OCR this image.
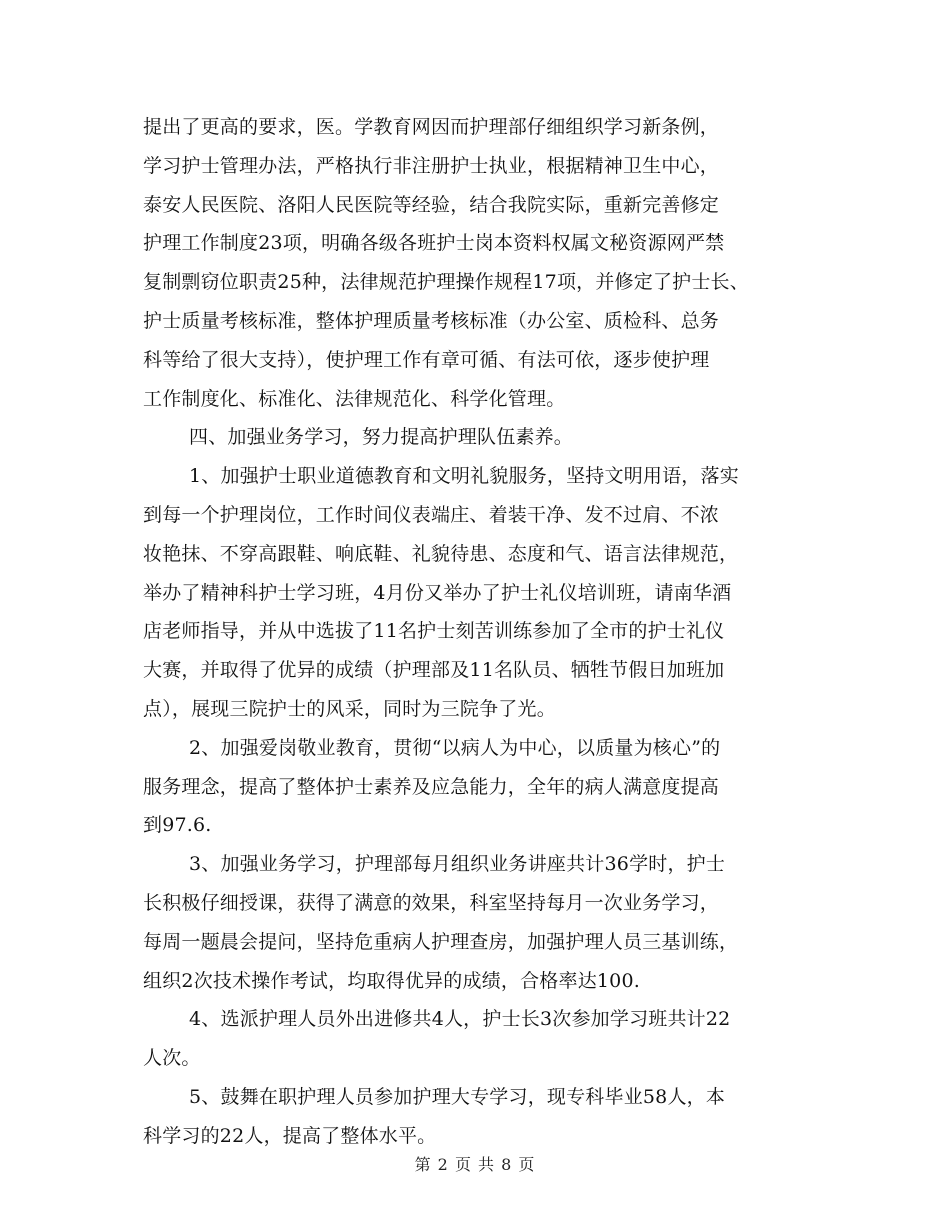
提出了更高的要求，医。学教育网因而护理部仔细组织学习新条例，
学习护士管理办法，严格执行非注册护士执业，根据精神卫生中心，
泰安人民医院、洛阳人民医院等经验，结合我院实际，重新完善修定
护理工作制度23项，明确各级各班护士岗本资料权属文秘资源网严禁
复制剽窃位职责25种，法律规范护理操作规程17项，并修定了护士长、
护士质量考核标准，整体护理质量考核标准（办公室、质检科、总务
科等给了很大支持），使护理工作有章可循、有法可依，逐步使护理
工作制度化、标准化、法律规范化、科学化管理。
四、加强业务学习，努力提高护理队伍素养。
1、加强护士职业道德教育和文明礼貌服务，坚持文明用语，落实
到每一个护理岗位，工作时间仪表端庄、着装干净、发不过肩、不浓
妆艳抹、不穿高跟鞋、响底鞋、礼貌待患、态度和气、语言法律规范，
举办了精神科护士学习班，4月份又举办了护士礼仪培训班，请南华酒
店老师指导，并从中选拔了11名护士刻苦训练参加了全市的护士礼仪
大赛，并取得了优异的成绩（护理部及11名队员、牺牲节假日加班加
点），展现三院护士的风采，同时为三院争了光。
2、加强爱岗敬业教育，贯彻“以病人为中心，以质量为核心”的
服务理念，提高了整体护士素养及应急能力，全年的病人满意度提高
到97.6.
3、加强业务学习，护理部每月组织业务讲座共计36学时，护士
长积极仔细授课，获得了满意的效果，科室坚持每月一次业务学习，
每周一题晨会提问，坚持危重病人护理查房，加强护理人员三基训练，
组织2次技术操作考试，均取得优异的成绩，合格率达100.
4、选派护理人员外出进修共4人，护士长3次参加学习班共计22
人次。
5、鼓舞在职护理人员参加护理大专学习，现专科毕业58人，本
科学习的22人，提高了整体水平。
第 2 页 共 8 页
